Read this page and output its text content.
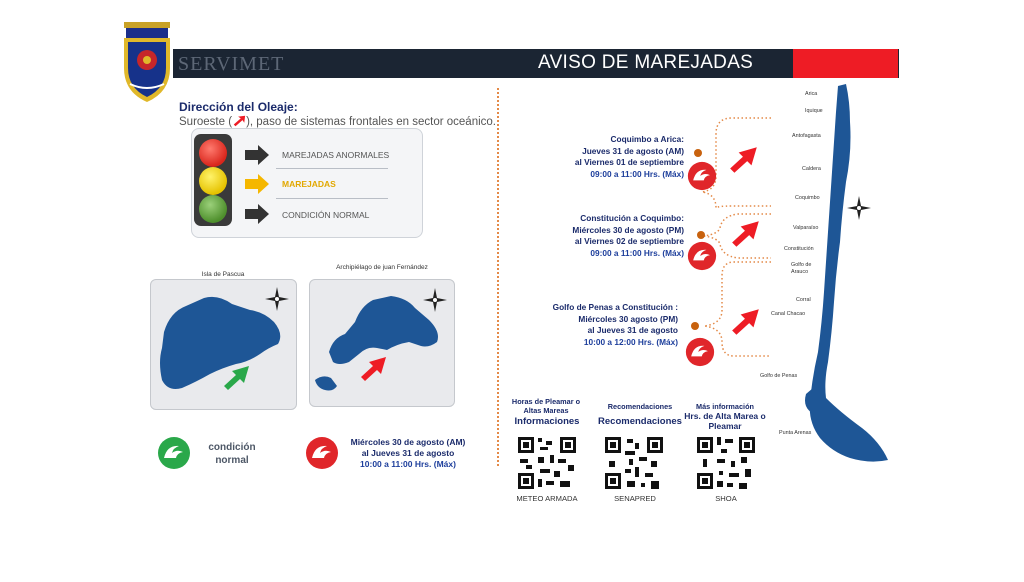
SERVIMET	AVISO DE MAREJADAS
Dirección del Oleaje:
Suroeste ( ), paso de sistemas frontales en sector oceánico.
MAREJADAS ANORMALES
MAREJADAS
CONDICIÓN NORMAL
Isla de Pascua
Archipiélago de juan Fernández
condición normal
Miércoles 30 de agosto (AM)
al Jueves 31 de agosto
10:00 a 11:00 Hrs. (Máx)
Coquimbo a Arica:
Jueves 31 de agosto (AM)
al Viernes 01 de septiembre
09:00 a 11:00 Hrs. (Máx)
Constitución a Coquimbo:
Miércoles 30 de agosto (PM)
al Viernes 02 de septiembre
09:00 a 11:00 Hrs. (Máx)
Golfo de Penas a Constitución :
Miércoles 30 agosto (PM)
al Jueves 31 de agosto
10:00 a 12:00 Hrs. (Máx)
Arica
Iquique
Antofagasta
Caldera
Coquimbo
Valparaíso
Constitución
Golfo de Arauco
Corral
Canal Chacao
Golfo de Penas
Punta Arenas
Horas de Pleamar o Altas Mareas
Informaciones
METEO ARMADA
Recomendaciones
Recomendaciones
SENAPRED
Más información
Hrs. de Alta Marea o Pleamar
SHOA
